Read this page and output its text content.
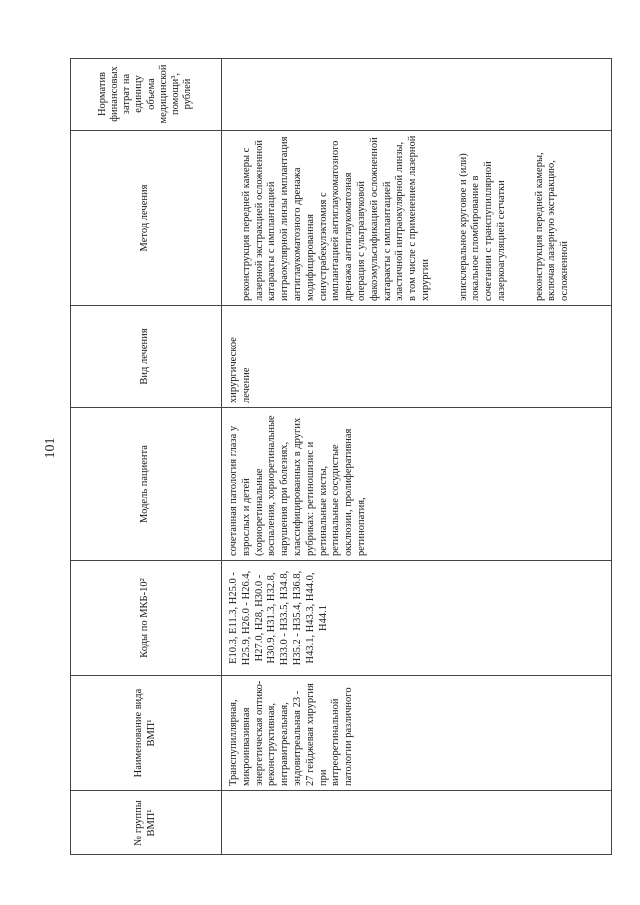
101
№ группы ВМП¹
Наименование вида ВМП¹
Коды по МКБ-10²
Модель пациента
Вид лечения
Метод лечения
Норматив финансовых затрат на единицу объема медицинской помощи³, рублей
Транспупиллярная, микроинвазивная энергетическая оптико-реконструктивная, интравитреальная, эндовитреальная 23 - 27 гейджевая хирургия при витреоретинальной патологии различного
E10.3, E11.3, H25.0 - H25.9, H26.0 - H26.4, H27.0, H28, H30.0 - H30.9, H31.3, H32.8, H33.0 - H33.5, H34.8, H35.2 - H35.4, H36.8, H43.1, H43.3, H44.0, H44.1
сочетанная патология глаза у взрослых и детей (хориоретинальные воспаления, хориоретинальные нарушения при болезнях, классифицированных в других рубриках: ретиношизис и ретинальные кисты, ретинальные сосудистые окклюзии, пролиферативная ретинопатия,
хирургическое лечение

реконструкция передней камеры с лазерной экстракцией осложненной катаракты с имплантацией интраокулярной линзы имплантация антиглаукоматозного дренажа модифицированная синустрабекулэктомия с имплантацией антиглаукоматозного дренажа антиглаукоматозная операция с ультразвуковой факоэмульсификацией осложненной катаракты с имплантацией эластичной интраокулярной линзы, в том числе с применением лазерной хирургии	эписклеральное круговое и (или) локальное пломбирование в сочетании с транспупиллярной лазеркоагуляцией сетчатки	реконструкция передней камеры, включая лазерную экстракцию, осложненной
